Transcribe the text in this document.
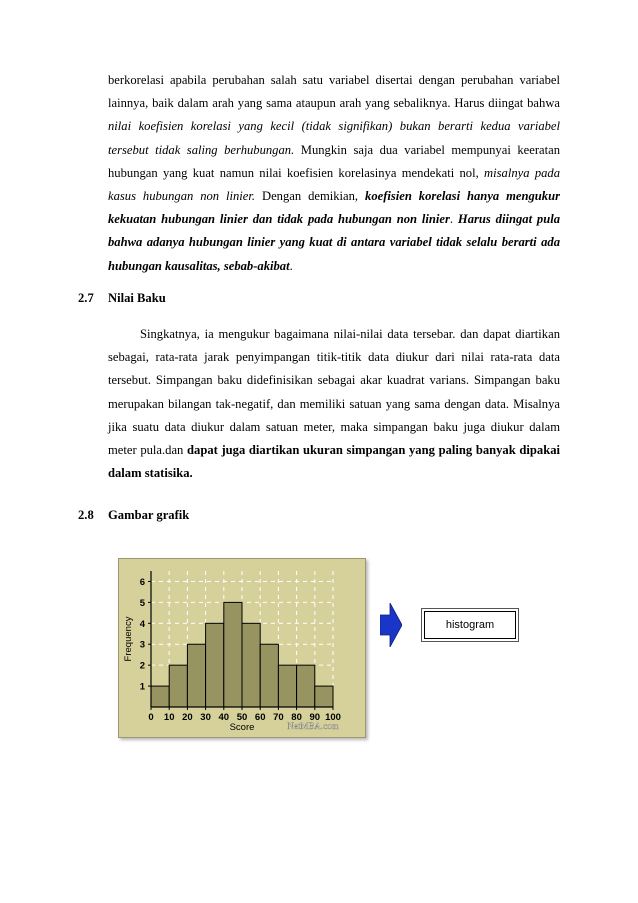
berkorelasi apabila perubahan salah satu variabel disertai dengan perubahan variabel lainnya, baik dalam arah yang sama ataupun arah yang sebaliknya. Harus diingat bahwa nilai koefisien korelasi yang kecil (tidak signifikan) bukan berarti kedua variabel tersebut tidak saling berhubungan. Mungkin saja dua variabel mempunyai keeratan hubungan yang kuat namun nilai koefisien korelasinya mendekati nol, misalnya pada kasus hubungan non linier. Dengan demikian, koefisien korelasi hanya mengukur kekuatan hubungan linier dan tidak pada hubungan non linier. Harus diingat pula bahwa adanya hubungan linier yang kuat di antara variabel tidak selalu berarti ada hubungan kausalitas, sebab-akibat.

2.7 Nilai Baku

Singkatnya, ia mengukur bagaimana nilai-nilai data tersebar. dan dapat diartikan sebagai, rata-rata jarak penyimpangan titik-titik data diukur dari nilai rata-rata data tersebut. Simpangan baku didefinisikan sebagai akar kuadrat varians. Simpangan baku merupakan bilangan tak-negatif, dan memiliki satuan yang sama dengan data. Misalnya jika suatu data diukur dalam satuan meter, maka simpangan baku juga diukur dalam meter pula.dan dapat juga diartikan ukuran simpangan yang paling banyak dipakai dalam statisika.

2.8 Gambar grafik
1
2
3
4
5
6
0 10 20 30 40 50 60 70 80 90 100
Score
Frequency
NetMBA.com
histogram
